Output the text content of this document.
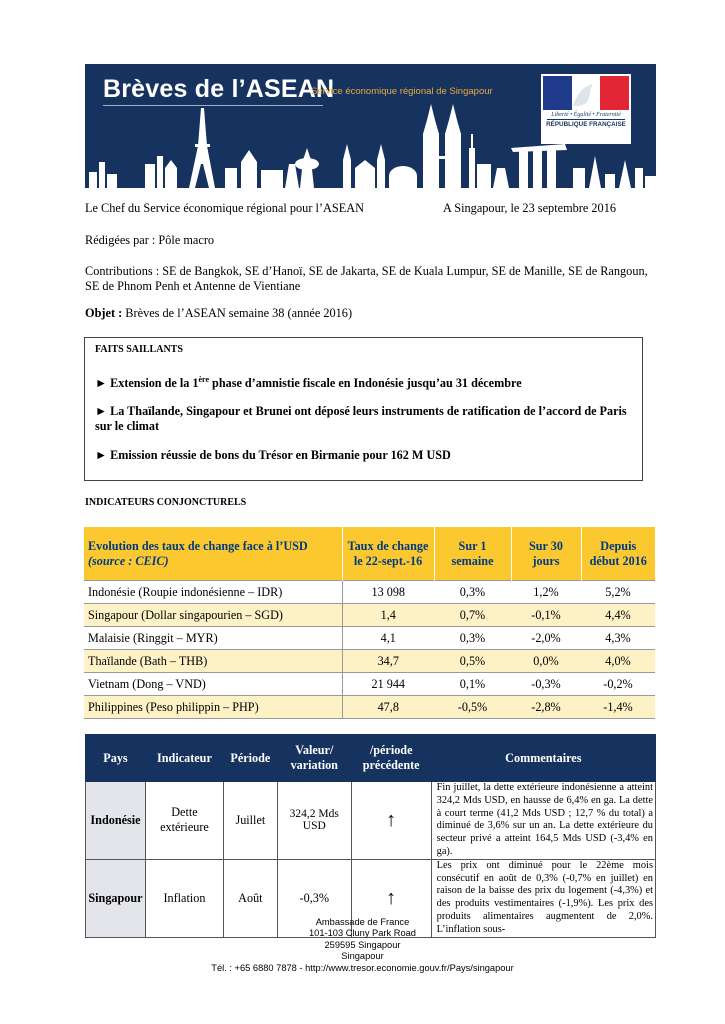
Brèves de l’ASEAN
Service économique régional de Singapour
Liberté • Égalité • Fraternité
RÉPUBLIQUE FRANÇAISE
Le Chef du Service économique régional pour l’ASEAN	A Singapour, le 23 septembre 2016
Rédigées par : Pôle macro
Contributions : SE de Bangkok, SE d’Hanoï, SE de Jakarta, SE de Kuala Lumpur, SE de Manille, SE de Rangoun, SE de Phnom Penh et Antenne de Vientiane
Objet : Brèves de l’ASEAN semaine 38 (année 2016)
FAITS SAILLANTS
► Extension de la 1ère phase d’amnistie fiscale en Indonésie jusqu’au 31 décembre
► La Thaïlande, Singapour et Brunei ont déposé leurs instruments de ratification de l’accord de Paris sur le climat
► Emission réussie de bons du Trésor en Birmanie pour 162 M USD
INDICATEURS CONJONCTURELS
Evolution des taux de change face à l’USD
(source : CEIC)	Taux de change le 22-sept.-16	Sur 1 semaine	Sur 30 jours	Depuis début 2016
Indonésie (Roupie indonésienne – IDR)	13 098	0,3%	1,2%	5,2%
Singapour (Dollar singapourien – SGD)	1,4	0,7%	-0,1%	4,4%
Malaisie (Ringgit – MYR)	4,1	0,3%	-2,0%	4,3%
Thaïlande (Bath – THB)	34,7	0,5%	0,0%	4,0%
Vietnam (Dong – VND)	21 944	0,1%	-0,3%	-0,2%
Philippines (Peso philippin – PHP)	47,8	-0,5%	-2,8%	-1,4%
Pays	Indicateur	Période	Valeur/ variation	/période précédente	Commentaires
Indonésie	Dette extérieure	Juillet	324,2 Mds USD	↑	Fin juillet, la dette extérieure indonésienne a atteint 324,2 Mds USD, en hausse de 6,4% en ga. La dette à court terme (41,2 Mds USD ; 12,7 % du total) a diminué de 3,6% sur un an. La dette extérieure du secteur privé a atteint 164,5 Mds USD (-3,4% en ga).
Singapour	Inflation	Août	-0,3%	↑	Les prix ont diminué pour le 22ème mois consécutif en août de 0,3% (-0,7% en juillet) en raison de la baisse des prix du logement (-4,3%) et des produits vestimentaires (-1,9%). Les prix des produits alimentaires augmentent de 2,0%. L’inflation sous-
Ambassade de France
101-103 Cluny Park Road
259595 Singapour
Singapour
Tél. : +65 6880 7878 - http://www.tresor.economie.gouv.fr/Pays/singapour
